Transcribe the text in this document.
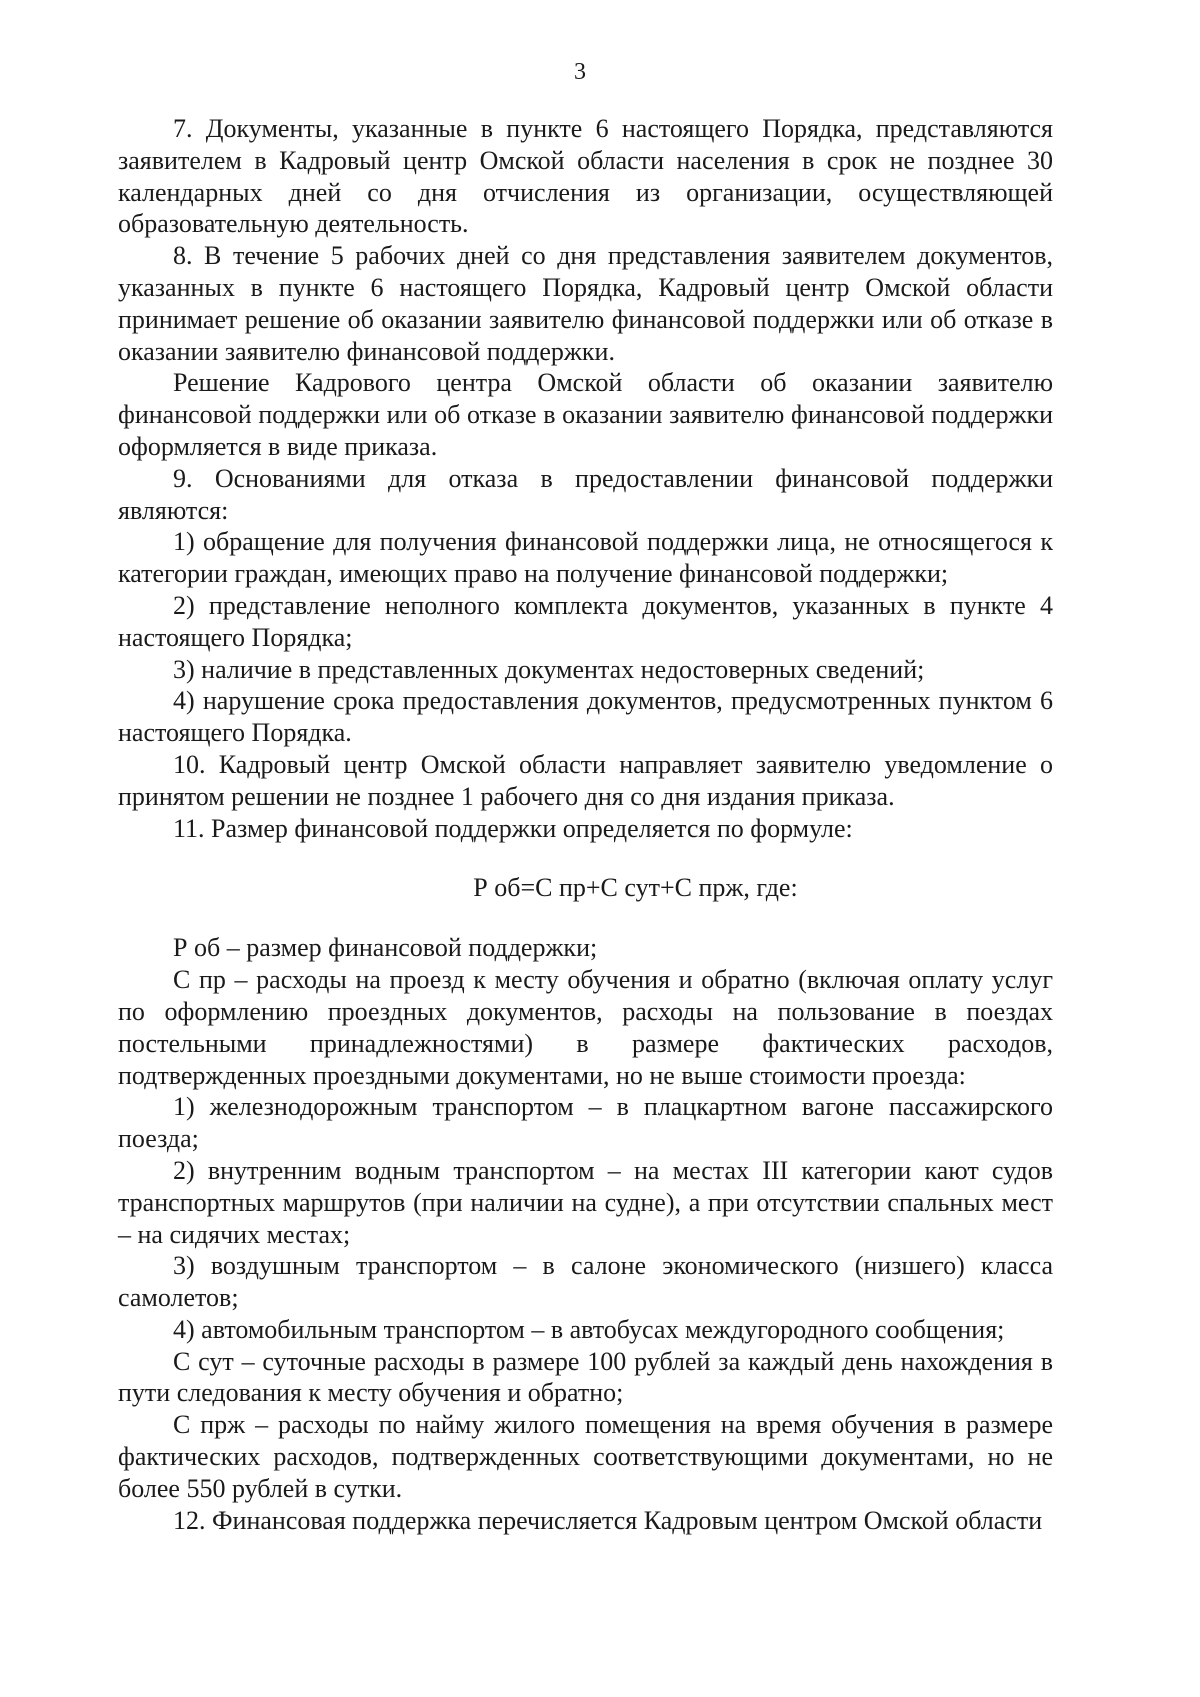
3

7. Документы, указанные в пункте 6 настоящего Порядка, представляются заявителем в Кадровый центр Омской области населения в срок не позднее 30 календарных дней со дня отчисления из организации, осуществляющей образовательную деятельность.

8. В течение 5 рабочих дней со дня представления заявителем документов, указанных в пункте 6 настоящего Порядка, Кадровый центр Омской области принимает решение об оказании заявителю финансовой поддержки или об отказе в оказании заявителю финансовой поддержки.

Решение Кадрового центра Омской области об оказании заявителю финансовой поддержки или об отказе в оказании заявителю финансовой поддержки оформляется в виде приказа.

9. Основаниями для отказа в предоставлении финансовой поддержки являются:

1) обращение для получения финансовой поддержки лица, не относящегося к категории граждан, имеющих право на получение финансовой поддержки;

2) представление неполного комплекта документов, указанных в пункте 4 настоящего Порядка;

3) наличие в представленных документах недостоверных сведений;

4) нарушение срока предоставления документов, предусмотренных пунктом 6 настоящего Порядка.

10. Кадровый центр Омской области направляет заявителю уведомление о принятом решении не позднее 1 рабочего дня со дня издания приказа.

11. Размер финансовой поддержки определяется по формуле:

Р об=С пр+С сут+С прж, где:

Р об – размер финансовой поддержки;

С пр – расходы на проезд к месту обучения и обратно (включая оплату услуг по оформлению проездных документов, расходы на пользование в поездах постельными принадлежностями) в размере фактических расходов, подтвержденных проездными документами, но не выше стоимости проезда:

1) железнодорожным транспортом – в плацкартном вагоне пассажирского поезда;

2) внутренним водным транспортом – на местах III категории кают судов транспортных маршрутов (при наличии на судне), а при отсутствии спальных мест – на сидячих местах;

3) воздушным транспортом – в салоне экономического (низшего) класса самолетов;

4) автомобильным транспортом – в автобусах междугородного сообщения;

С сут – суточные расходы в размере 100 рублей за каждый день нахождения в пути следования к месту обучения и обратно;

С прж – расходы по найму жилого помещения на время обучения в размере фактических расходов, подтвержденных соответствующими документами, но не более 550 рублей в сутки.

12. Финансовая поддержка перечисляется Кадровым центром Омской области
